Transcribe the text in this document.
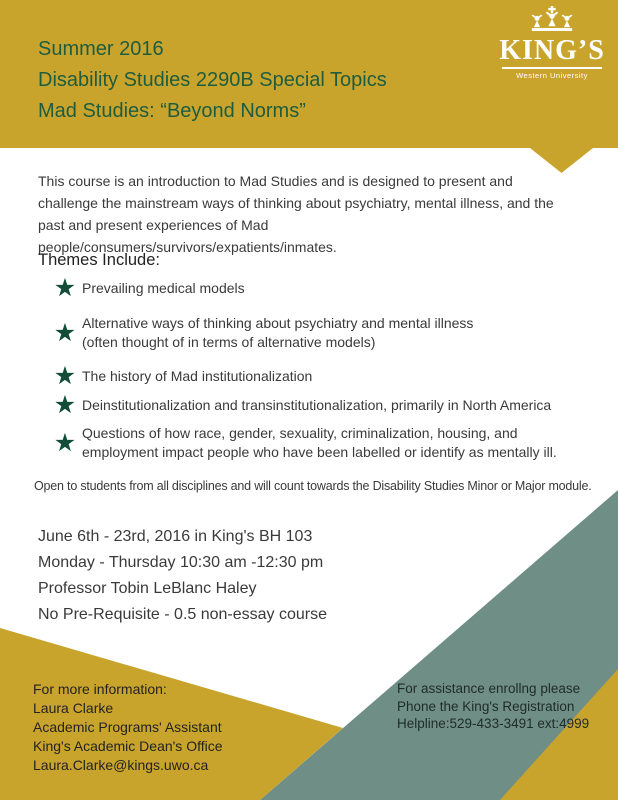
Summer 2016
Disability Studies 2290B Special Topics
Mad Studies: “Beyond Norms”
KING’S
Western University
This course is an introduction to Mad Studies and is designed to present and
challenge the mainstream ways of thinking about psychiatry, mental illness, and the
past and present experiences of Mad
people/consumers/survivors/expatients/inmates.
Themes Include:
★ Prevailing medical models
★ Alternative ways of thinking about psychiatry and mental illness
(often thought of in terms of alternative models)
★ The history of Mad institutionalization
★ Deinstitutionalization and transinstitutionalization, primarily in North America
★ Questions of how race, gender, sexuality, criminalization, housing, and
employment impact people who have been labelled or identify as mentally ill.
Open to students from all disciplines and will count towards the Disability Studies Minor or Major module.
June 6th - 23rd, 2016 in King's BH 103
Monday - Thursday 10:30 am -12:30 pm
Professor Tobin LeBlanc Haley
No Pre-Requisite - 0.5 non-essay course
For more information:
Laura Clarke
Academic Programs' Assistant
King's Academic Dean's Office
Laura.Clarke@kings.uwo.ca
For assistance enrollng please
Phone the King's Registration
Helpline:529-433-3491 ext:4999
